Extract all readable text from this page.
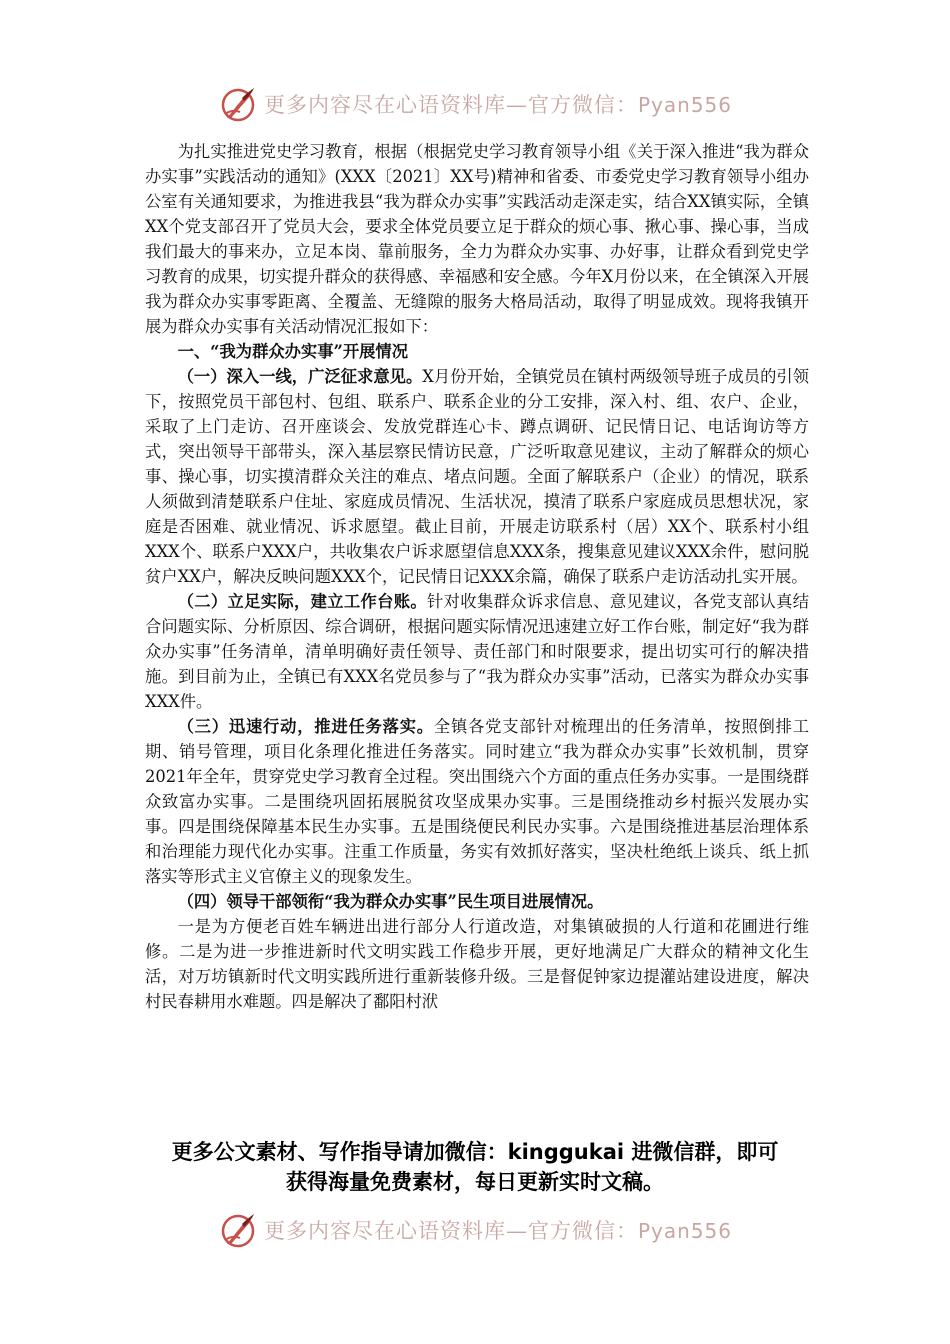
更多内容尽在心语资料库—官方微信：Pyan556

为扎实推进党史学习教育，根据（根据党史学习教育领导小组《关于深入推进“我为群众办实事”实践活动的通知》(XXX〔2021〕XX号)精神和省委、市委党史学习教育领导小组办公室有关通知要求，为推进我县“我为群众办实事”实践活动走深走实，结合XX镇实际，全镇XX个党支部召开了党员大会，要求全体党员要立足于群众的烦心事、揪心事、操心事，当成我们最大的事来办，立足本岗、靠前服务，全力为群众办实事、办好事，让群众看到党史学习教育的成果，切实提升群众的获得感、幸福感和安全感。今年X月份以来，在全镇深入开展我为群众办实事零距离、全覆盖、无缝隙的服务大格局活动，取得了明显成效。现将我镇开展为群众办实事有关活动情况汇报如下：

一、“我为群众办实事”开展情况

（一）深入一线，广泛征求意见。X月份开始，全镇党员在镇村两级领导班子成员的引领下，按照党员干部包村、包组、联系户、联系企业的分工安排，深入村、组、农户、企业，采取了上门走访、召开座谈会、发放党群连心卡、蹲点调研、记民情日记、电话询访等方式，突出领导干部带头，深入基层察民情访民意，广泛听取意见建议，主动了解群众的烦心事、操心事，切实摸清群众关注的难点、堵点问题。全面了解联系户（企业）的情况，联系人须做到清楚联系户住址、家庭成员情况、生活状况，摸清了联系户家庭成员思想状况，家庭是否困难、就业情况、诉求愿望。截止目前，开展走访联系村（居）XX个、联系村小组XXX个、联系户XXX户，共收集农户诉求愿望信息XXX条，搜集意见建议XXX余件，慰问脱贫户XX户，解决反映问题XXX个，记民情日记XXX余篇，确保了联系户走访活动扎实开展。

（二）立足实际，建立工作台账。针对收集群众诉求信息、意见建议，各党支部认真结合问题实际、分析原因、综合调研，根据问题实际情况迅速建立好工作台账，制定好“我为群众办实事”任务清单，清单明确好责任领导、责任部门和时限要求，提出切实可行的解决措施。到目前为止，全镇已有XXX名党员参与了“我为群众办实事”活动，已落实为群众办实事XXX件。

（三）迅速行动，推进任务落实。全镇各党支部针对梳理出的任务清单，按照倒排工期、销号管理，项目化条理化推进任务落实。同时建立“我为群众办实事”长效机制，贯穿2021年全年，贯穿党史学习教育全过程。突出围绕六个方面的重点任务办实事。一是围绕群众致富办实事。二是围绕巩固拓展脱贫攻坚成果办实事。三是围绕推动乡村振兴发展办实事。四是围绕保障基本民生办实事。五是围绕便民利民办实事。六是围绕推进基层治理体系和治理能力现代化办实事。注重工作质量，务实有效抓好落实，坚决杜绝纸上谈兵、纸上抓落实等形式主义官僚主义的现象发生。

（四）领导干部领衔“我为群众办实事”民生项目进展情况。

一是为方便老百姓车辆进出进行部分人行道改造，对集镇破损的人行道和花圃进行维修。二是为进一步推进新时代文明实践工作稳步开展，更好地满足广大群众的精神文化生活，对万坊镇新时代文明实践所进行重新装修升级。三是督促钟家边提灌站建设进度，解决村民春耕用水难题。四是解决了鄱阳村洑

更多公文素材、写作指导请加微信：kinggukai 进微信群，即可
获得海量免费素材，每日更新实时文稿。
更多内容尽在心语资料库—官方微信：Pyan556
